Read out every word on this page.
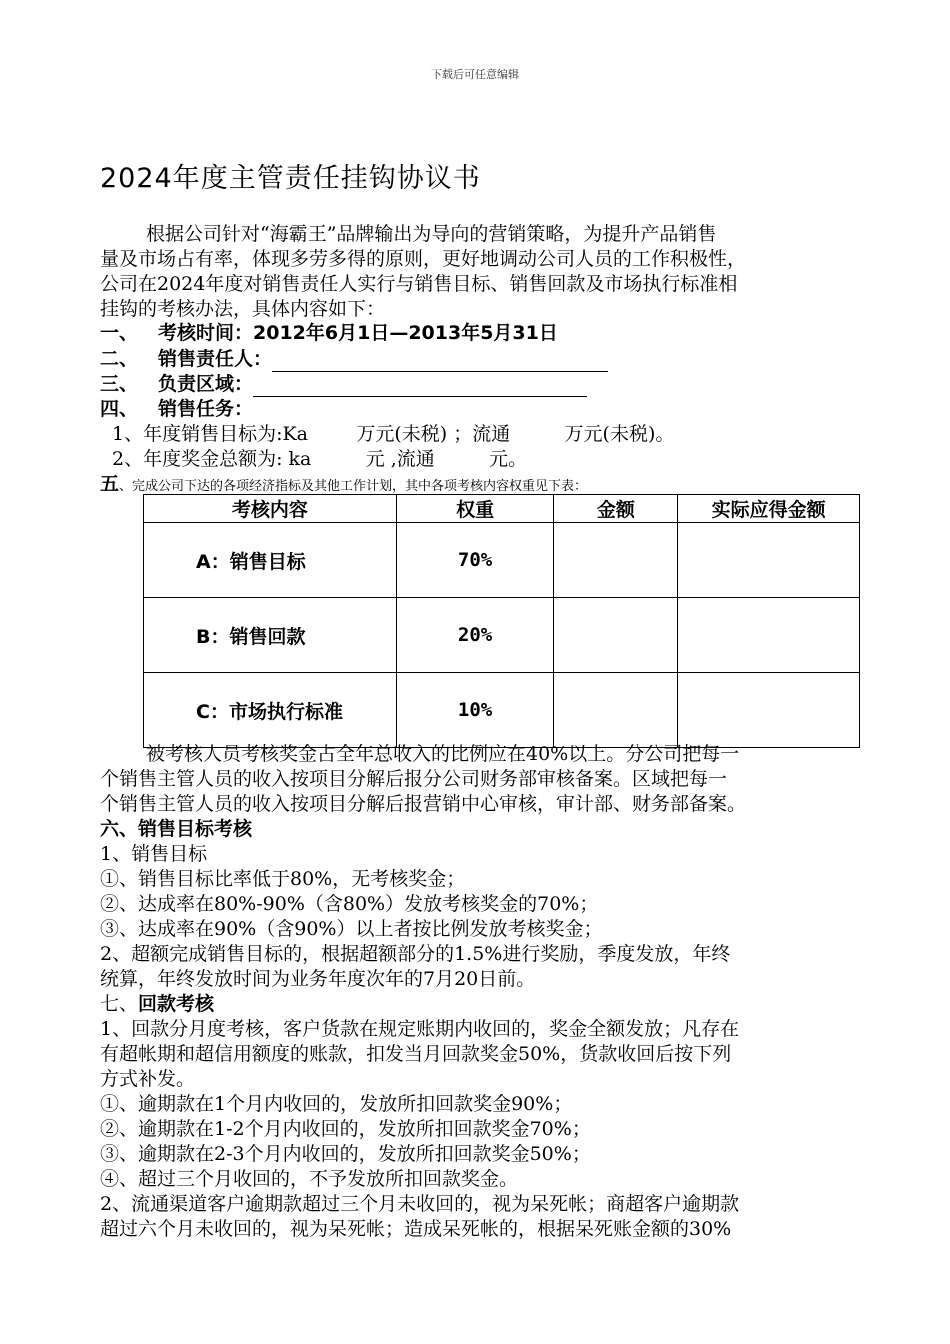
下载后可任意编辑
2024年度主管责任挂钩协议书
根据公司针对“海霸王”品牌输出为导向的营销策略，为提升产品销售
量及市场占有率，体现多劳多得的原则，更好地调动公司人员的工作积极性，
公司在2024年度对销售责任人实行与销售目标、销售回款及市场执行标准相
挂钩的考核办法，具体内容如下：
一、 考核时间：2012年6月1日—2013年5月31日
二、 销售责任人：
三、 负责区域：
四、 销售任务：
1、年度销售目标为:Ka        万元(未税) ；流通         万元(未税)。
2、年度奖金总额为: ka         元 ,流通         元。
五、完成公司下达的各项经济指标及其他工作计划，其中各项考核内容权重见下表：
考核内容	权重	金额	实际应得金额
A：销售目标	70%		
B：销售回款	20%		
C：市场执行标准	10%		
被考核人员考核奖金占全年总收入的比例应在40%以上。分公司把每一
个销售主管人员的收入按项目分解后报分公司财务部审核备案。区域把每一
个销售主管人员的收入按项目分解后报营销中心审核，审计部、财务部备案。
六、销售目标考核
1、销售目标
①、销售目标比率低于80%，无考核奖金；
②、达成率在80%-90%（含80%）发放考核奖金的70%；
③、达成率在90%（含90%）以上者按比例发放考核奖金；
2、超额完成销售目标的，根据超额部分的1.5%进行奖励，季度发放，年终
统算，年终发放时间为业务年度次年的7月20日前。
七、回款考核
1、回款分月度考核，客户货款在规定账期内收回的，奖金全额发放；凡存在
有超帐期和超信用额度的账款，扣发当月回款奖金50%，货款收回后按下列
方式补发。
①、逾期款在1个月内收回的，发放所扣回款奖金90%；
②、逾期款在1-2个月内收回的，发放所扣回款奖金70%；
③、逾期款在2-3个月内收回的，发放所扣回款奖金50%；
④、超过三个月收回的，不予发放所扣回款奖金。
2、流通渠道客户逾期款超过三个月未收回的，视为呆死帐；商超客户逾期款
超过六个月未收回的，视为呆死帐；造成呆死帐的，根据呆死账金额的30%
